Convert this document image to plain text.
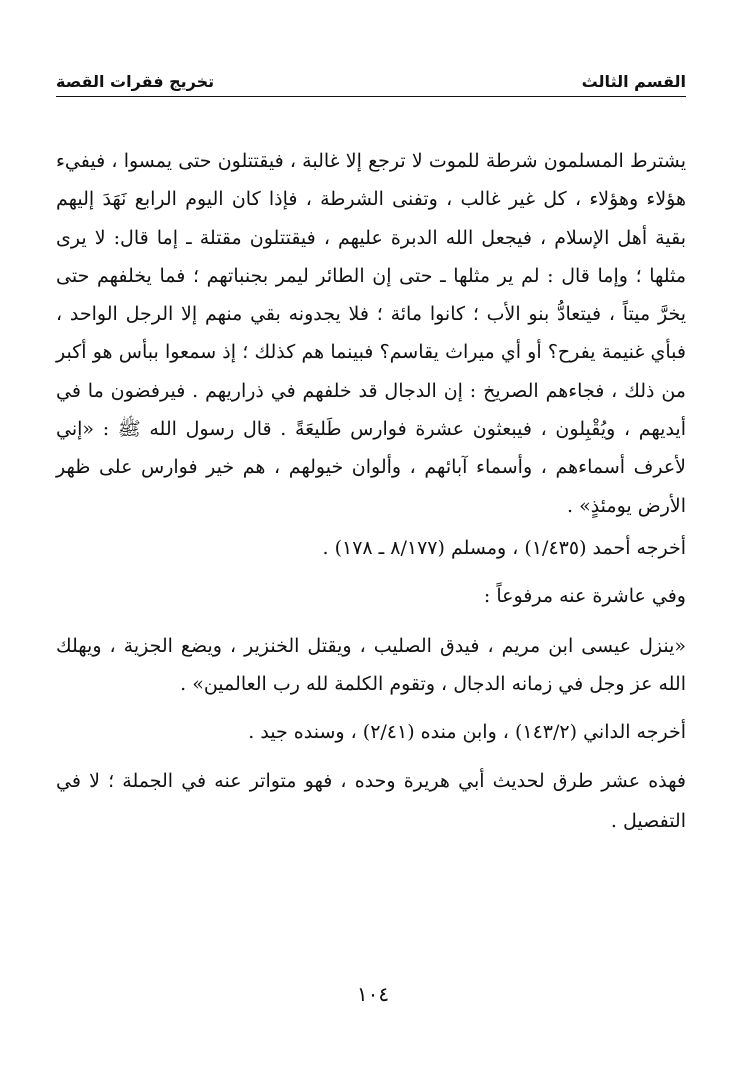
القسم الثالث
تخريج فقرات القصة

يشترط المسلمون شرطة للموت لا ترجع إلا غالبة ، فيقتتلون حتى يمسوا ، فيفيء هؤلاء وهؤلاء ، كل غير غالب ، وتفنى الشرطة ، فإذا كان اليوم الرابع نَهَدَ إليهم بقية أهل الإسلام ، فيجعل الله الدبرة عليهم ، فيقتتلون مقتلة ـ إما قال: لا يرى مثلها ؛ وإما قال : لم ير مثلها ـ حتى إن الطائر ليمر بجنباتهم ؛ فما يخلفهم حتى يخرَّ ميتاً ، فيتعادُّ بنو الأب ؛ كانوا مائة ؛ فلا يجدونه بقي منهم إلا الرجل الواحد ، فبأي غنيمة يفرح؟ أو أي ميراث يقاسم؟ فبينما هم كذلك ؛ إذ سمعوا ببأس هو أكبر من ذلك ، فجاءهم الصريخ : إن الدجال قد خلفهم في ذراريهم . فيرفضون ما في أيديهم ، ويُقْبِلون ، فيبعثون عشرة فوارس طَليعَةً . قال رسول الله ﷺ : «إني لأعرف أسماءهم ، وأسماء آبائهم ، وألوان خيولهم ، هم خير فوارس على ظهر الأرض يومئذٍ» .

أخرجه أحمد (١/٤٣٥) ، ومسلم (٨/١٧٧ ـ ١٧٨) .

وفي عاشرة عنه مرفوعاً :

«ينزل عيسى ابن مريم ، فيدق الصليب ، ويقتل الخنزير ، ويضع الجزية ، ويهلك الله عز وجل في زمانه الدجال ، وتقوم الكلمة لله رب العالمين» .

أخرجه الداني (١٤٣/٢) ، وابن منده (٢/٤١) ، وسنده جيد .

فهذه عشر طرق لحديث أبي هريرة وحده ، فهو متواتر عنه في الجملة ؛ لا في التفصيل .

١٠٤
